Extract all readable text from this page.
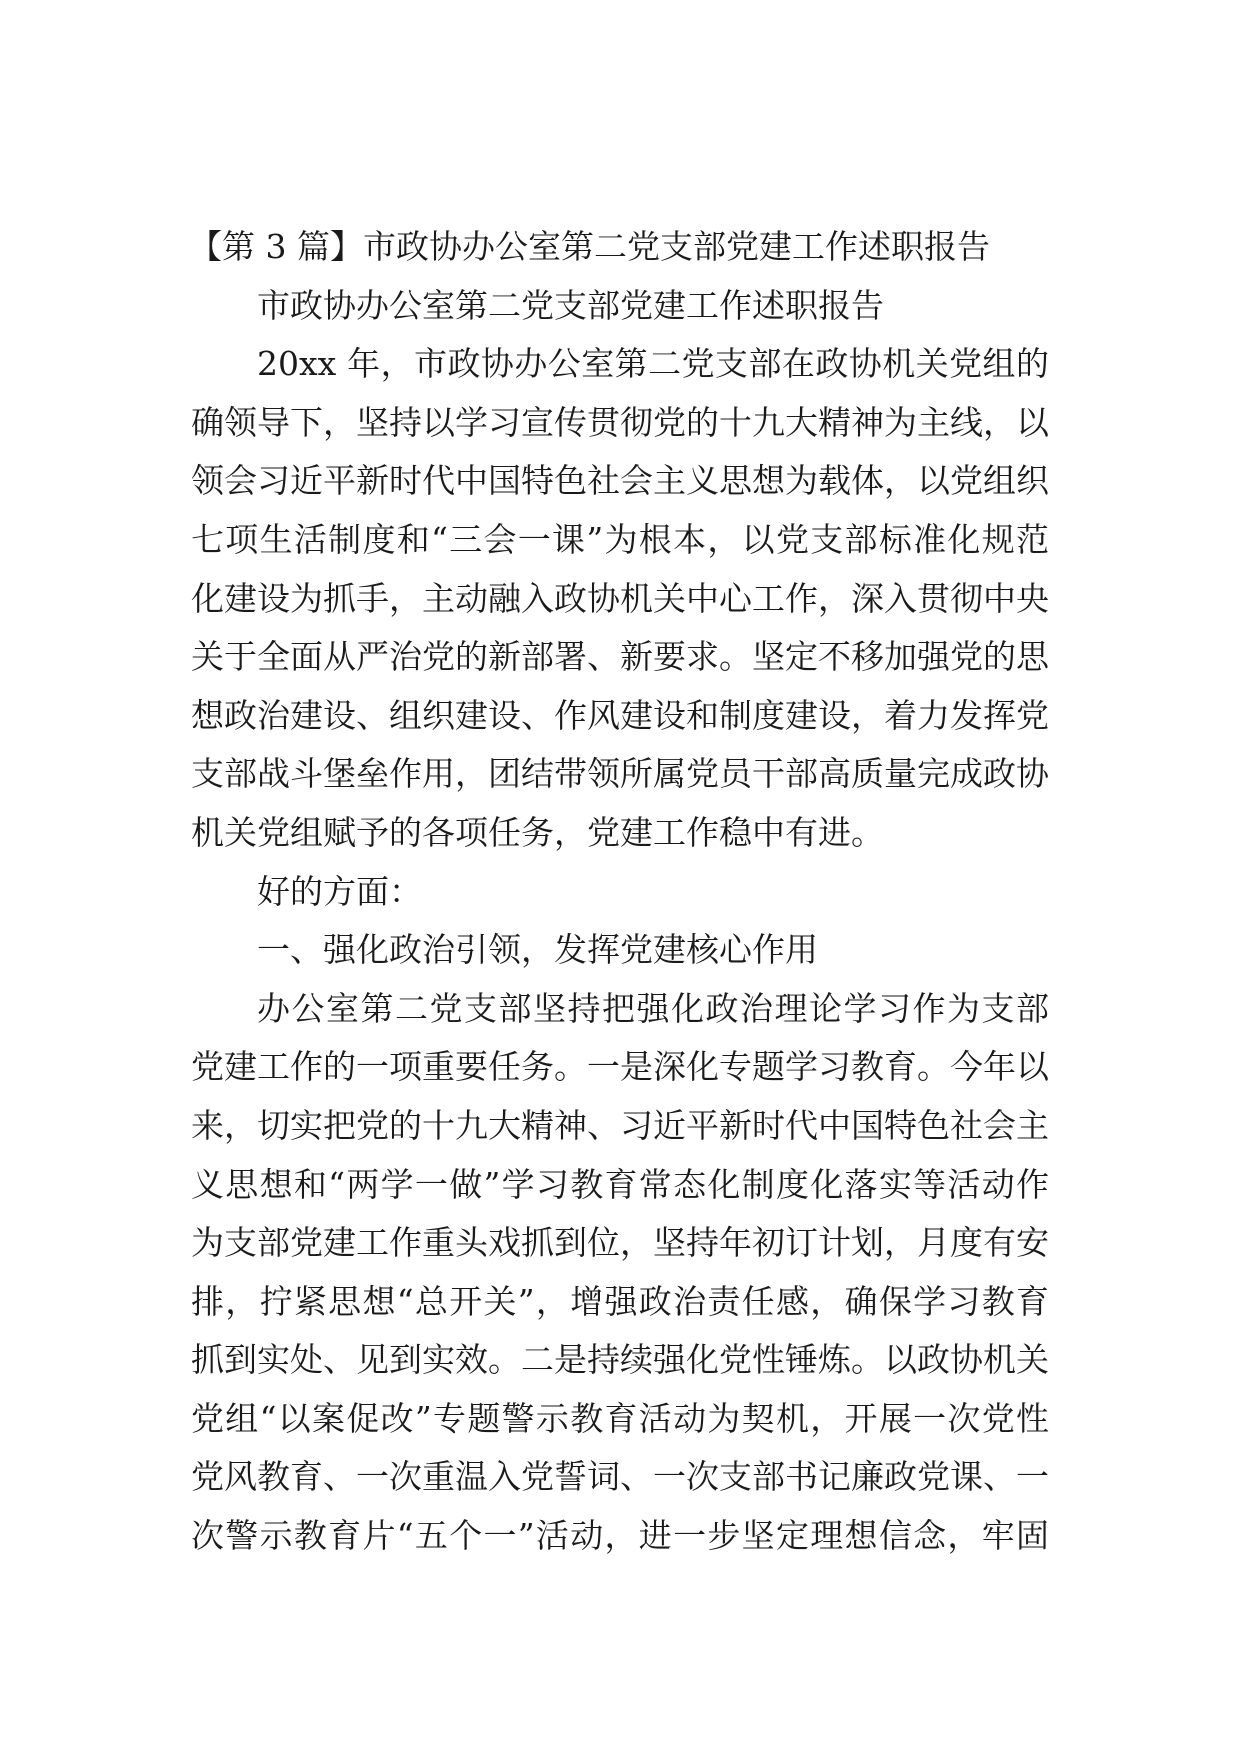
【第 3 篇】市政协办公室第二党支部党建工作述职报告
市政协办公室第二党支部党建工作述职报告
20xx 年，市政协办公室第二党支部在政协机关党组的
确领导下，坚持以学习宣传贯彻党的十九大精神为主线，以
领会习近平新时代中国特色社会主义思想为载体，以党组织
七项生活制度和“三会一课”为根本，以党支部标准化规范
化建设为抓手，主动融入政协机关中心工作，深入贯彻中央
关于全面从严治党的新部署、新要求。坚定不移加强党的思
想政治建设、组织建设、作风建设和制度建设，着力发挥党
支部战斗堡垒作用，团结带领所属党员干部高质量完成政协
机关党组赋予的各项任务，党建工作稳中有进。
好的方面：
一、强化政治引领，发挥党建核心作用
办公室第二党支部坚持把强化政治理论学习作为支部
党建工作的一项重要任务。一是深化专题学习教育。今年以
来，切实把党的十九大精神、习近平新时代中国特色社会主
义思想和“两学一做”学习教育常态化制度化落实等活动作
为支部党建工作重头戏抓到位，坚持年初订计划，月度有安
排，拧紧思想“总开关”，增强政治责任感，确保学习教育
抓到实处、见到实效。二是持续强化党性锤炼。以政协机关
党组“以案促改”专题警示教育活动为契机，开展一次党性
党风教育、一次重温入党誓词、一次支部书记廉政党课、一
次警示教育片“五个一”活动，进一步坚定理想信念，牢固
